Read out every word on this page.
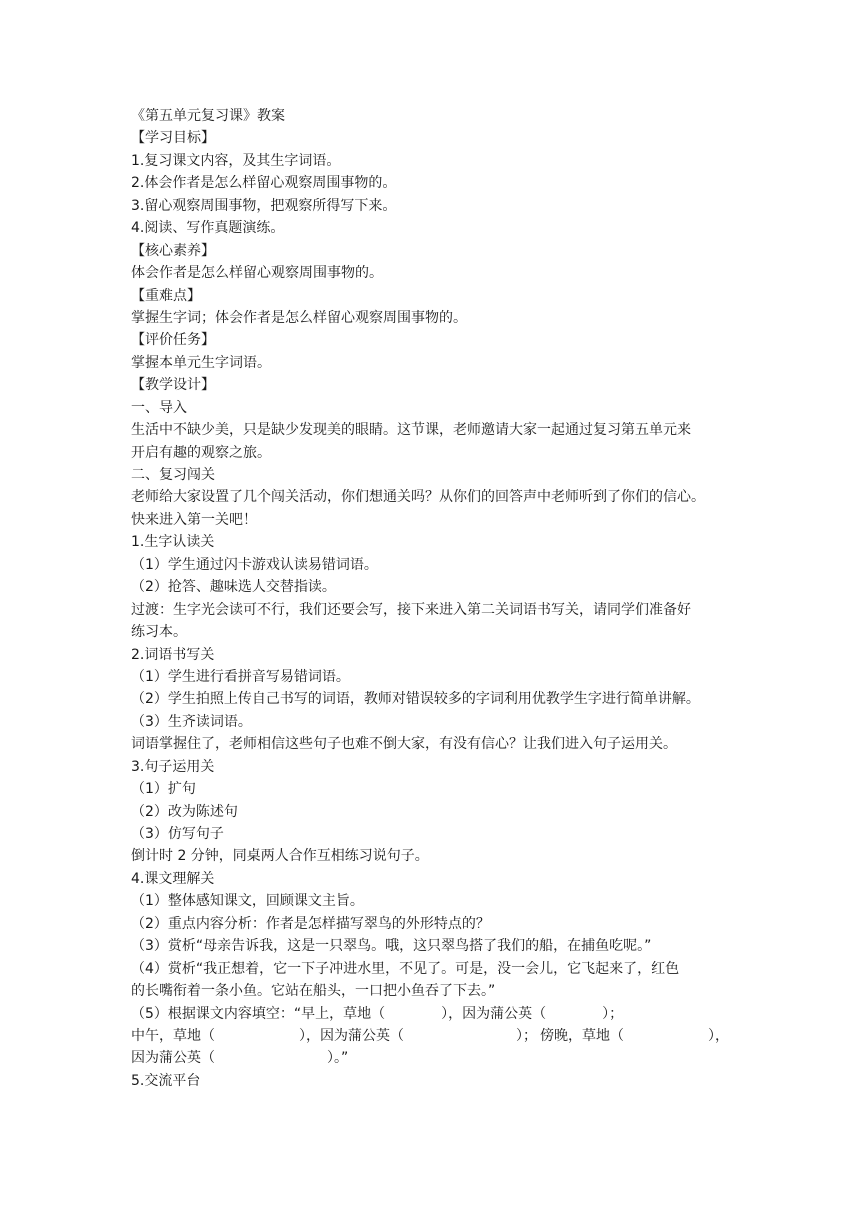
《第五单元复习课》教案
【学习目标】
1.复习课文内容，及其生字词语。
2.体会作者是怎么样留心观察周围事物的。
3.留心观察周围事物，把观察所得写下来。
4.阅读、写作真题演练。
【核心素养】
体会作者是怎么样留心观察周围事物的。
【重难点】
掌握生字词；体会作者是怎么样留心观察周围事物的。
【评价任务】
掌握本单元生字词语。
【教学设计】
一、导入
生活中不缺少美，只是缺少发现美的眼睛。这节课，老师邀请大家一起通过复习第五单元来
开启有趣的观察之旅。
二、复习闯关
老师给大家设置了几个闯关活动，你们想通关吗？从你们的回答声中老师听到了你们的信心。
快来进入第一关吧！
1.生字认读关
（1）学生通过闪卡游戏认读易错词语。
（2）抢答、趣味选人交替指读。
过渡：生字光会读可不行，我们还要会写，接下来进入第二关词语书写关，请同学们准备好
练习本。
2.词语书写关
（1）学生进行看拼音写易错词语。
（2）学生拍照上传自己书写的词语，教师对错误较多的字词利用优教学生字进行简单讲解。
（3）生齐读词语。
词语掌握住了，老师相信这些句子也难不倒大家，有没有信心？让我们进入句子运用关。
3.句子运用关
（1）扩句
（2）改为陈述句
（3）仿写句子
倒计时 2 分钟，同桌两人合作互相练习说句子。
4.课文理解关
（1）整体感知课文，回顾课文主旨。
（2）重点内容分析：作者是怎样描写翠鸟的外形特点的？
（3）赏析“母亲告诉我，这是一只翠鸟。哦，这只翠鸟搭了我们的船，在捕鱼吃呢。”
（4）赏析“我正想着，它一下子冲进水里，不见了。可是，没一会儿，它飞起来了，红色
的长嘴衔着一条小鱼。它站在船头，一口把小鱼吞了下去。”
（5）根据课文内容填空：“早上，草地（　　　　），因为蒲公英（　　　　）；
中午，草地（　　　　　　），因为蒲公英（　　　　　　　　）； 傍晚，草地（　　　　　　），
因为蒲公英（　　　　　　　　）。”
5.交流平台
